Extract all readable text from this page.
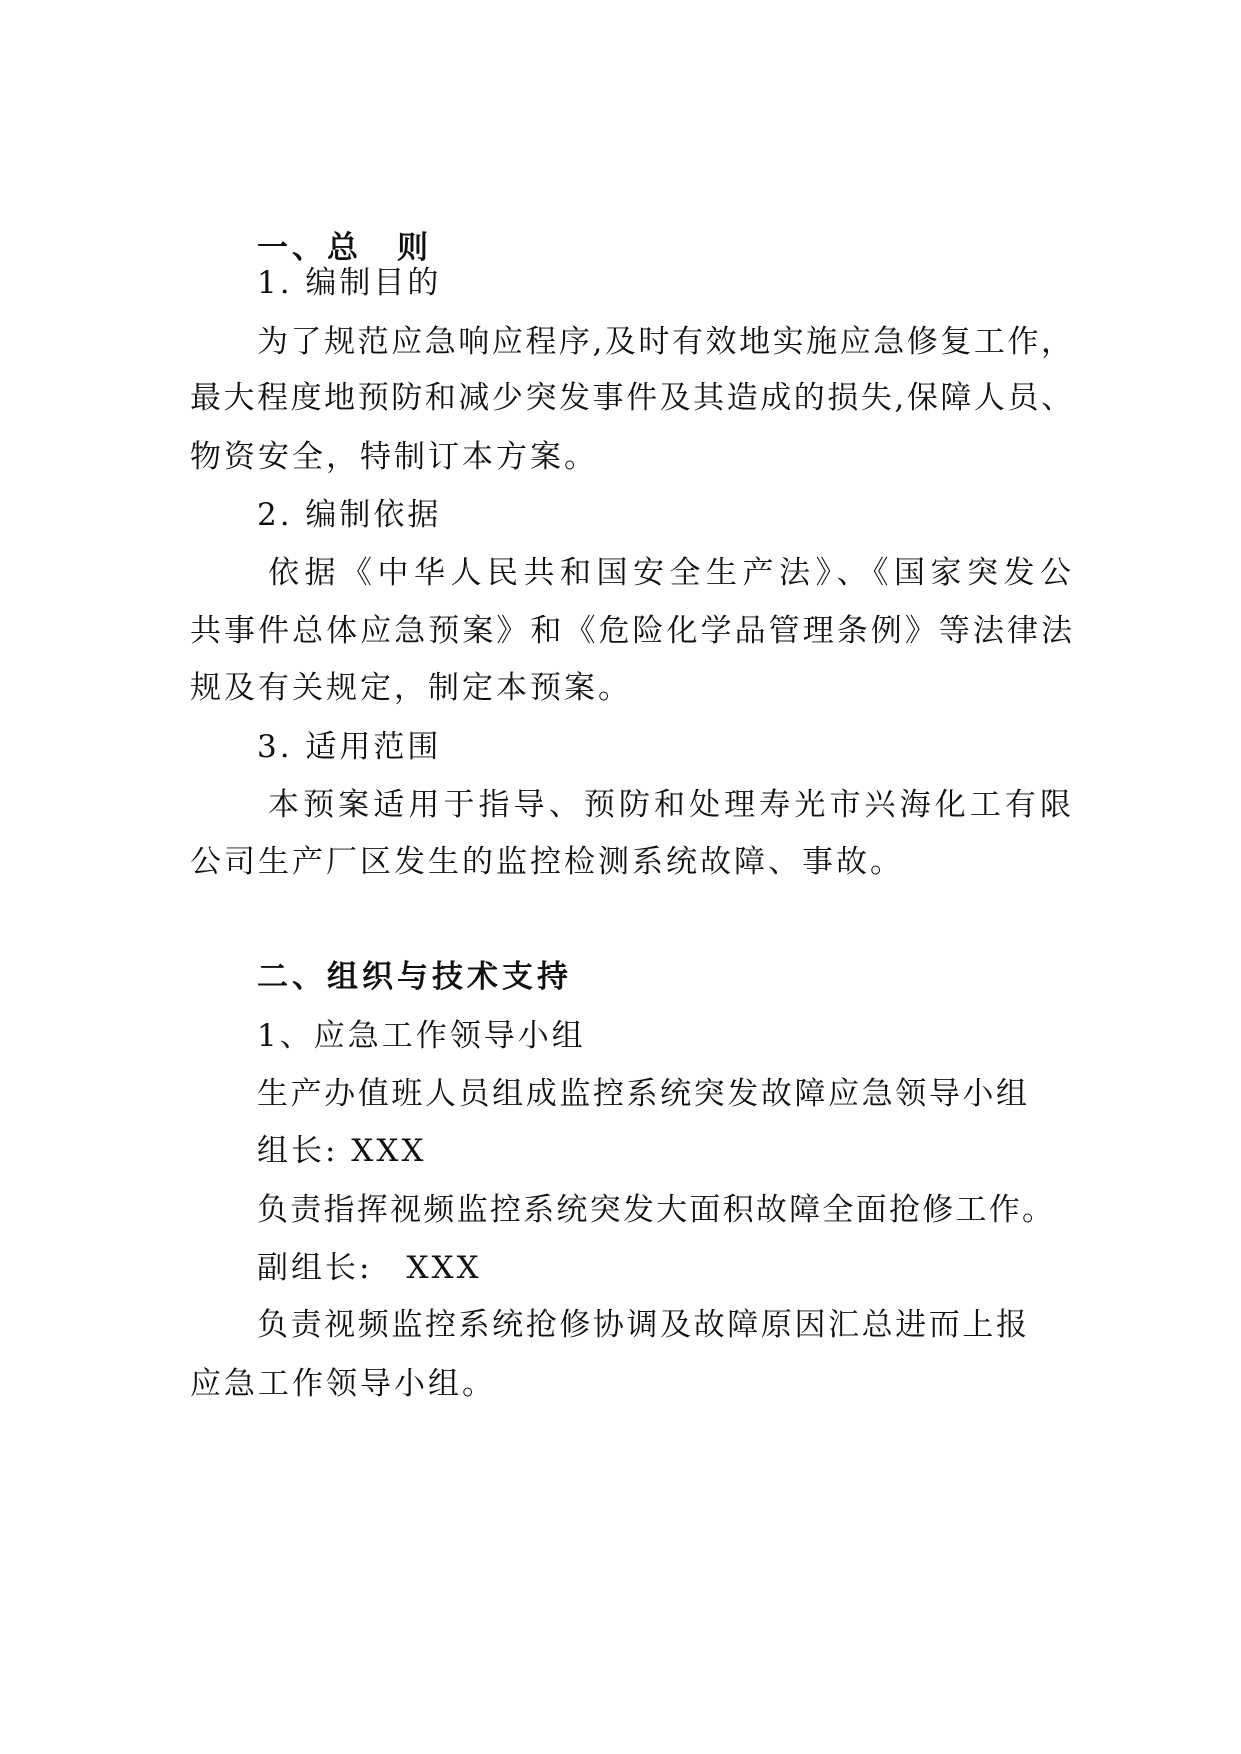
一、总　则
1. 编制目的
为了规范应急响应程序,及时有效地实施应急修复工作，
最大程度地预防和减少突发事件及其造成的损失,保障人员、
物资安全，特制订本方案。
2. 编制依据
依据《中华人民共和国安全生产法》、《国家突发公
共事件总体应急预案》和《危险化学品管理条例》等法律法
规及有关规定，制定本预案。
3. 适用范围
本预案适用于指导、预防和处理寿光市兴海化工有限
公司生产厂区发生的监控检测系统故障、事故。
二、组织与技术支持
1、应急工作领导小组
生产办值班人员组成监控系统突发故障应急领导小组
组长: XXX
负责指挥视频监控系统突发大面积故障全面抢修工作。
副组长:　XXX
负责视频监控系统抢修协调及故障原因汇总进而上报
应急工作领导小组。
